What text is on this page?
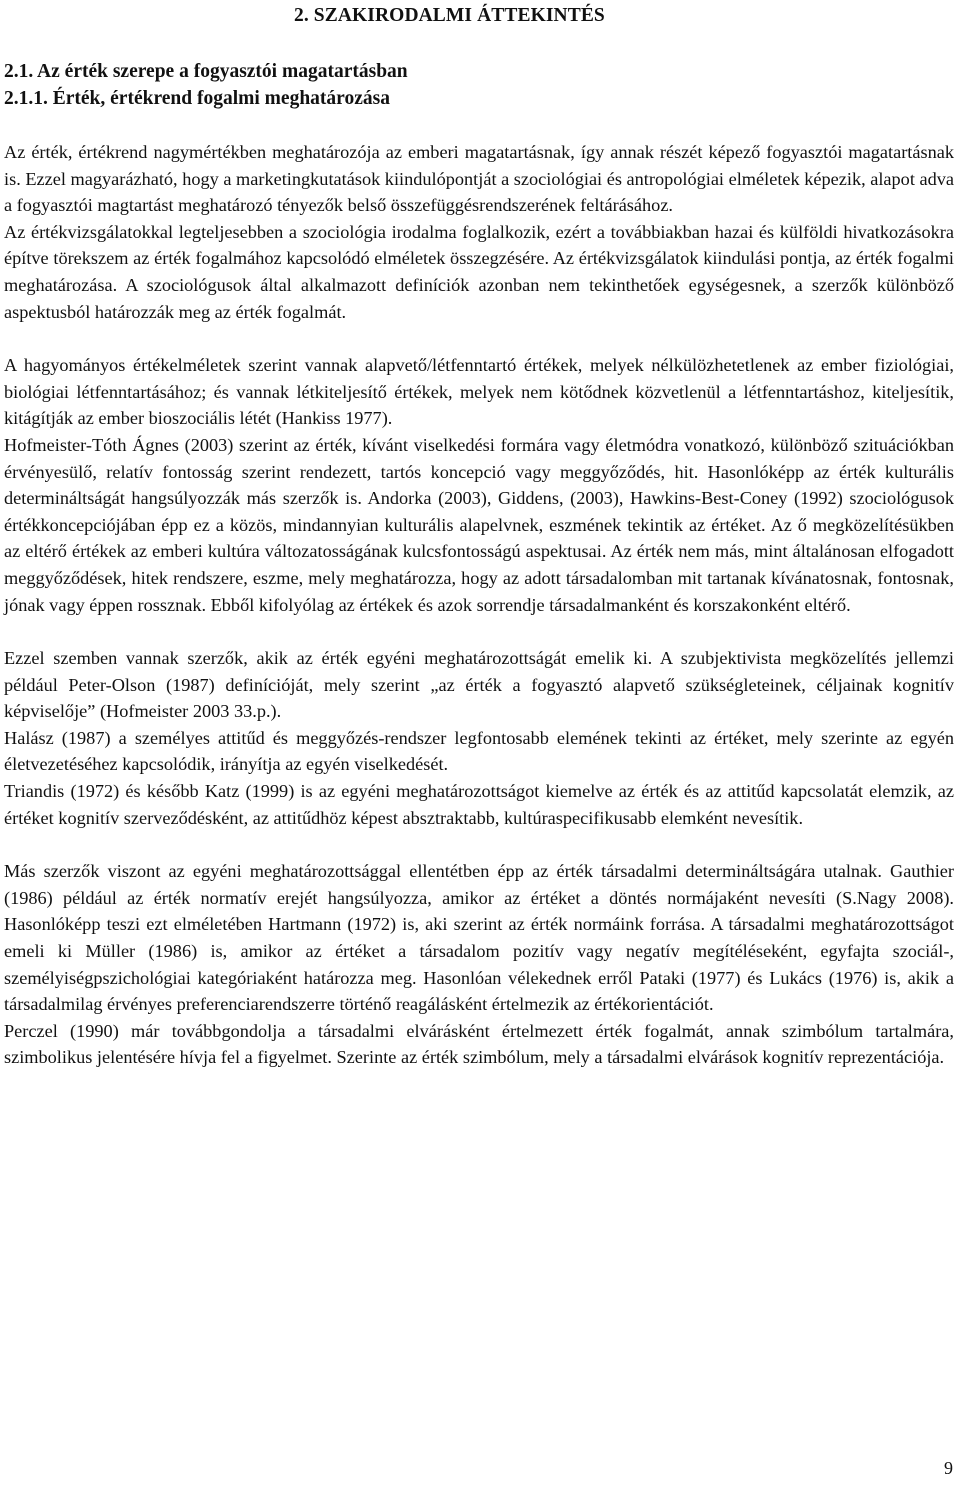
2. SZAKIRODALMI ÁTTEKINTÉS
2.1. Az érték szerepe a fogyasztói magatartásban
2.1.1. Érték, értékrend fogalmi meghatározása

Az érték, értékrend nagymértékben meghatározója az emberi magatartásnak, így annak részét képező fogyasztói magatartásnak is. Ezzel magyarázható, hogy a marketingkutatások kiindulópontját a szociológiai és antropológiai elméletek képezik, alapot adva a fogyasztói magtartást meghatározó tényezők belső összefüggésrendszerének feltárásához.

Az értékvizsgálatokkal legteljesebben a szociológia irodalma foglalkozik, ezért a továbbiakban hazai és külföldi hivatkozásokra építve törekszem az érték fogalmához kapcsolódó elméletek összegzésére. Az értékvizsgálatok kiindulási pontja, az érték fogalmi meghatározása. A szociológusok által alkalmazott definíciók azonban nem tekinthetőek egységesnek, a szerzők különböző aspektusból határozzák meg az érték fogalmát.

A hagyományos értékelméletek szerint vannak alapvető/létfenntartó értékek, melyek nélkülözhetetlenek az ember fiziológiai, biológiai létfenntartásához; és vannak létkiteljesítő értékek, melyek nem kötődnek közvetlenül a létfenntartáshoz, kiteljesítik, kitágítják az ember bioszociális létét (Hankiss 1977).

Hofmeister-Tóth Ágnes (2003) szerint az érték, kívánt viselkedési formára vagy életmódra vonatkozó, különböző szituációkban érvényesülő, relatív fontosság szerint rendezett, tartós koncepció vagy meggyőződés, hit. Hasonlóképp az érték kulturális determináltságát hangsúlyozzák más szerzők is. Andorka (2003), Giddens, (2003), Hawkins-Best-Coney (1992) szociológusok értékkoncepciójában épp ez a közös, mindannyian kulturális alapelvnek, eszmének tekintik az értéket. Az ő megközelítésükben az eltérő értékek az emberi kultúra változatosságának kulcsfontosságú aspektusai. Az érték nem más, mint általánosan elfogadott meggyőződések, hitek rendszere, eszme, mely meghatározza, hogy az adott társadalomban mit tartanak kívánatosnak, fontosnak, jónak vagy éppen rossznak. Ebből kifolyólag az értékek és azok sorrendje társadalmanként és korszakonként eltérő.

Ezzel szemben vannak szerzők, akik az érték egyéni meghatározottságát emelik ki. A szubjektivista megközelítés jellemzi például Peter-Olson (1987) definícióját, mely szerint „az érték a fogyasztó alapvető szükségleteinek, céljainak kognitív képviselője” (Hofmeister 2003 33.p.).

Halász (1987) a személyes attitűd és meggyőzés-rendszer legfontosabb elemének tekinti az értéket, mely szerinte az egyén életvezetéséhez kapcsolódik, irányítja az egyén viselkedését.

Triandis (1972) és később Katz (1999) is az egyéni meghatározottságot kiemelve az érték és az attitűd kapcsolatát elemzik, az értéket kognitív szerveződésként, az attitűdhöz képest absztraktabb, kultúraspecifikusabb elemként nevesítik.

Más szerzők viszont az egyéni meghatározottsággal ellentétben épp az érték társadalmi determináltságára utalnak. Gauthier (1986) például az érték normatív erejét hangsúlyozza, amikor az értéket a döntés normájaként nevesíti (S.Nagy 2008). Hasonlóképp teszi ezt elméletében Hartmann (1972) is, aki szerint az érték normáink forrása. A társadalmi meghatározottságot emeli ki Müller (1986) is, amikor az értéket a társadalom pozitív vagy negatív megítéléseként, egyfajta szociál-, személyiségpszichológiai kategóriaként határozza meg. Hasonlóan vélekednek erről Pataki (1977) és Lukács (1976) is, akik a társadalmilag érvényes preferenciarendszerre történő reagálásként értelmezik az értékorientációt.

Perczel (1990) már továbbgondolja a társadalmi elvárásként értelmezett érték fogalmát, annak szimbólum tartalmára, szimbolikus jelentésére hívja fel a figyelmet. Szerinte az érték szimbólum, mely a társadalmi elvárások kognitív reprezentációja.

9
